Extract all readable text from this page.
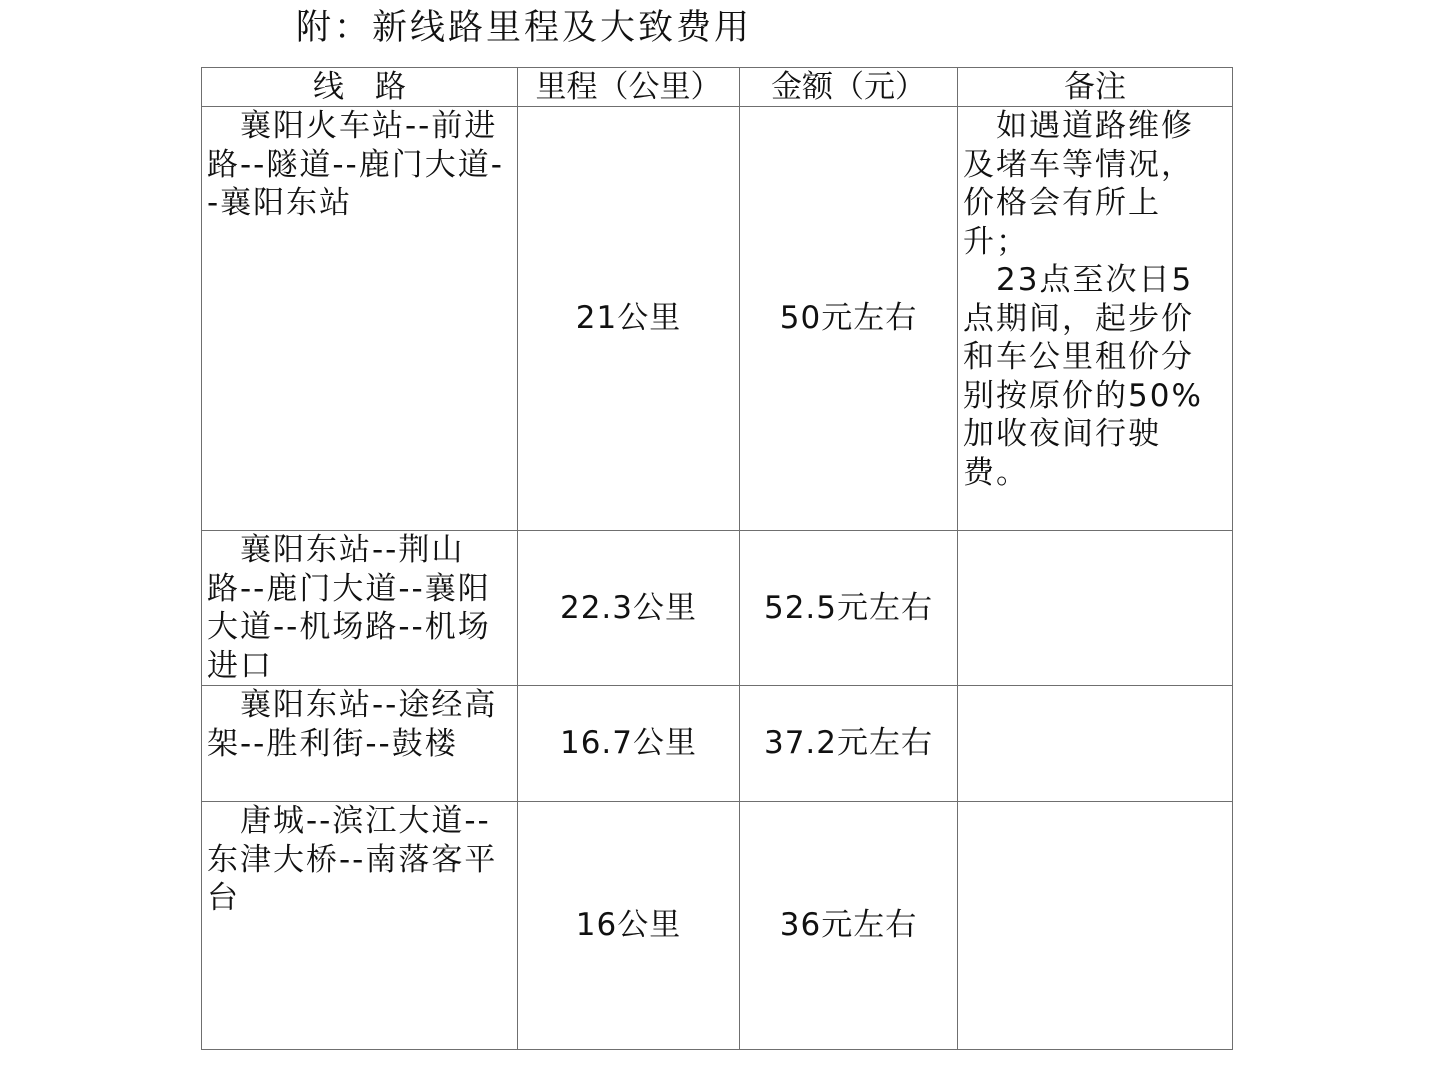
附：新线路里程及大致费用
线　路	里程（公里）	金额（元）	备注
襄阳火车站--前进路--隧道--鹿门大道--襄阳东站	21公里	50元左右	如遇道路维修及堵车等情况，价格会有所上升；
23点至次日5点期间，起步价和车公里租价分别按原价的50%加收夜间行驶费。

襄阳东站--荆山路--鹿门大道--襄阳大道--机场路--机场进口	22.3公里	52.5元左右	
襄阳东站--途经高架--胜利街--鼓楼	16.7公里	37.2元左右	
唐城--滨江大道--东津大桥--南落客平台	16公里	36元左右	
